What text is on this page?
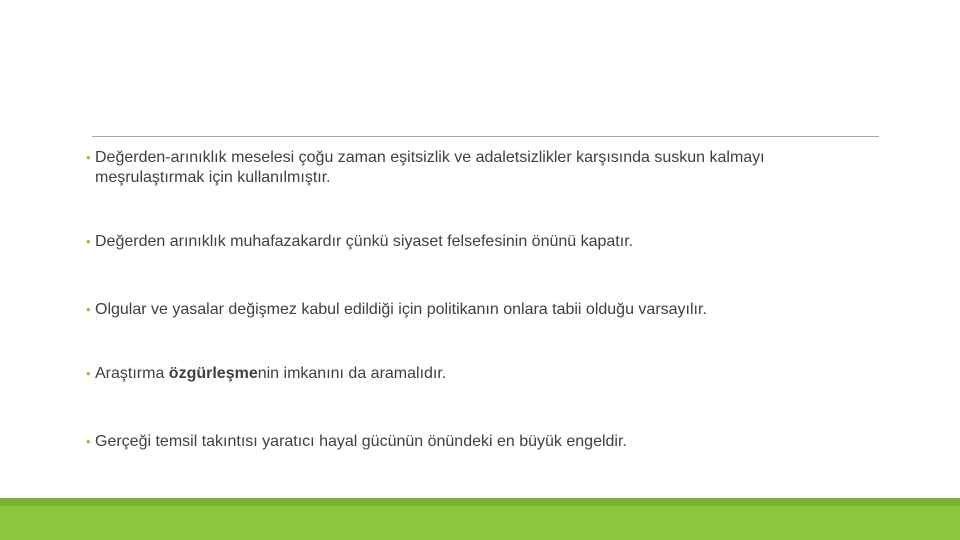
• Değerden-arınıklık meselesi çoğu zaman eşitsizlik ve adaletsizlikler karşısında suskun kalmayı meşrulaştırmak için kullanılmıştır.
• Değerden arınıklık muhafazakardır çünkü siyaset felsefesinin önünü kapatır.
• Olgular ve yasalar değişmez kabul edildiği için politikanın onlara tabii olduğu varsayılır.
• Araştırma özgürleşmenin imkanını da aramalıdır.
• Gerçeği temsil takıntısı yaratıcı hayal gücünün önündeki en büyük engeldir.
